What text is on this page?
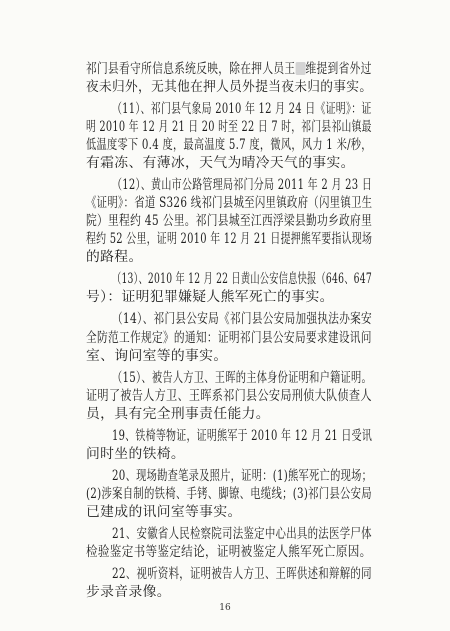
祁门县看守所信息系统反映，除在押人员王 维提到省外过
夜未归外，无其他在押人员外提当夜未归的事实。
（11）、祁门县气象局 2010 年 12 月 24 日《证明》：证
明 2010 年 12 月 21 日 20 时至 22 日 7 时，祁门县祁山镇最
低温度零下 0.4 度，最高温度 5.7 度，微风，风力 1 米/秒，
有霜冻、有薄冰，天气为晴冷天气的事实。
（12）、黄山市公路管理局祁门分局 2011 年 2 月 23 日
《证明》：省道 S326 线祁门县城至闪里镇政府（闪里镇卫生
院）里程约 45 公里。祁门县城至江西浮梁县勤功乡政府里
程约 52 公里，证明 2010 年 12 月 21 日提押熊军要指认现场
的路程。
（13）、2010 年 12 月 22 日黄山公安信息快报（646、647
号）：证明犯罪嫌疑人熊军死亡的事实。
（14）、祁门县公安局《祁门县公安局加强执法办案安
全防范工作规定》的通知：证明祁门县公安局要求建设讯问
室、询问室等的事实。
（15）、被告人方卫、王晖的主体身份证明和户籍证明。
证明了被告人方卫、王晖系祁门县公安局刑侦大队侦查人
员，具有完全刑事责任能力。
19、铁椅等物证，证明熊军于 2010 年 12 月 21 日受讯
问时坐的铁椅。
20、现场勘查笔录及照片，证明：(1)熊军死亡的现场；
(2)涉案自制的铁椅、手铐、脚镣、电缆线；(3)祁门县公安局
已建成的讯问室等事实。
21、安徽省人民检察院司法鉴定中心出具的法医学尸体
检验鉴定书等鉴定结论，证明被鉴定人熊军死亡原因。
22、视听资料，证明被告人方卫、王晖供述和辩解的同
步录音录像。
16
